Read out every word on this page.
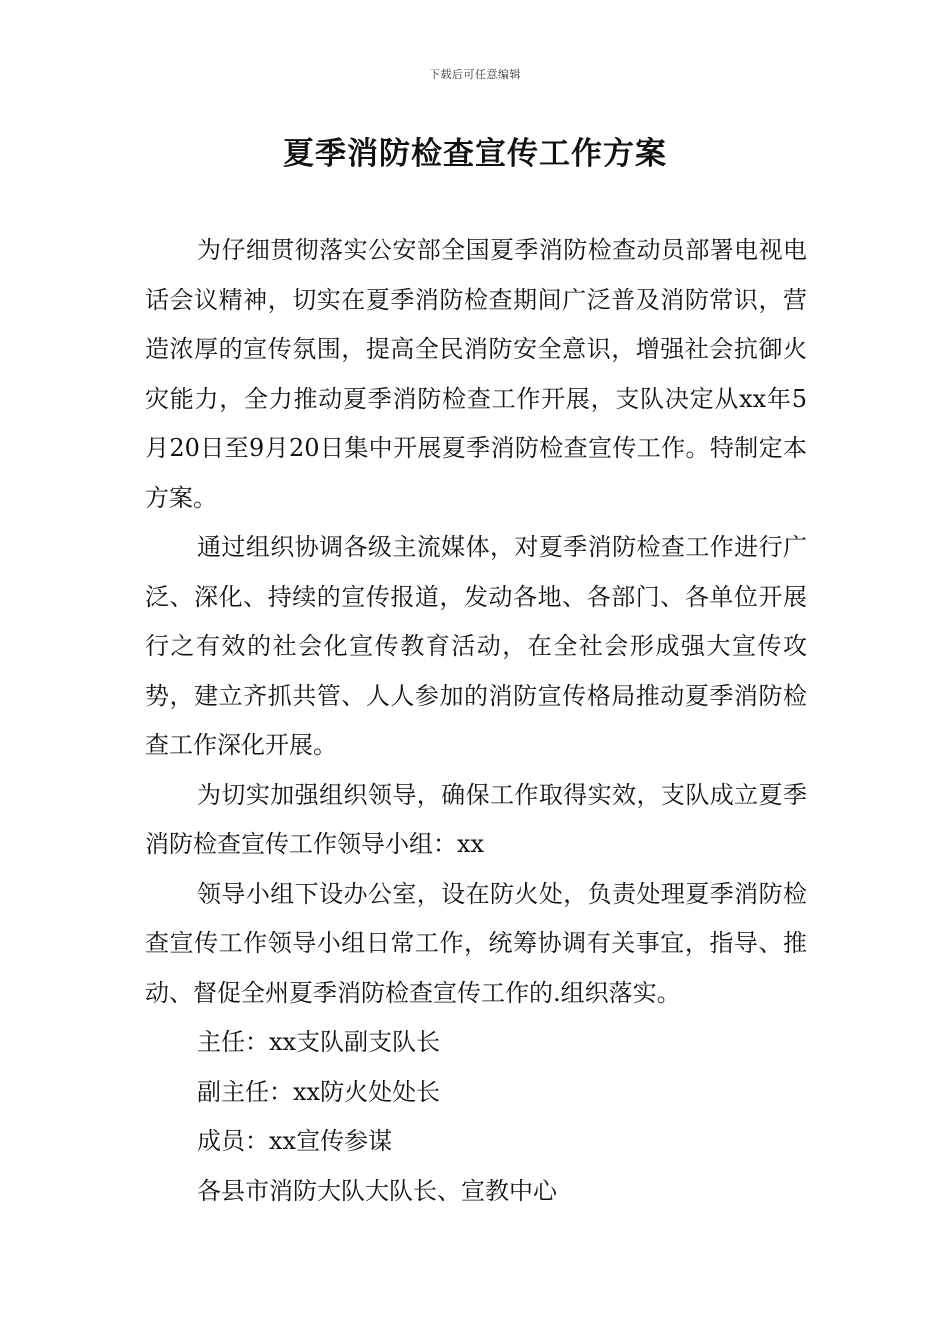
下载后可任意编辑
夏季消防检查宣传工作方案

为仔细贯彻落实公安部全国夏季消防检查动员部署电视电话会议精神，切实在夏季消防检查期间广泛普及消防常识，营造浓厚的宣传氛围，提高全民消防安全意识，增强社会抗御火灾能力，全力推动夏季消防检查工作开展，支队决定从xx年5月20日至9月20日集中开展夏季消防检查宣传工作。特制定本方案。

通过组织协调各级主流媒体，对夏季消防检查工作进行广泛、深化、持续的宣传报道，发动各地、各部门、各单位开展行之有效的社会化宣传教育活动，在全社会形成强大宣传攻势，建立齐抓共管、人人参加的消防宣传格局推动夏季消防检查工作深化开展。

为切实加强组织领导，确保工作取得实效，支队成立夏季消防检查宣传工作领导小组：xx

领导小组下设办公室，设在防火处，负责处理夏季消防检查宣传工作领导小组日常工作，统筹协调有关事宜，指导、推动、督促全州夏季消防检查宣传工作的.组织落实。

主任：xx支队副支队长

副主任：xx防火处处长

成员：xx宣传参谋

各县市消防大队大队长、宣教中心
